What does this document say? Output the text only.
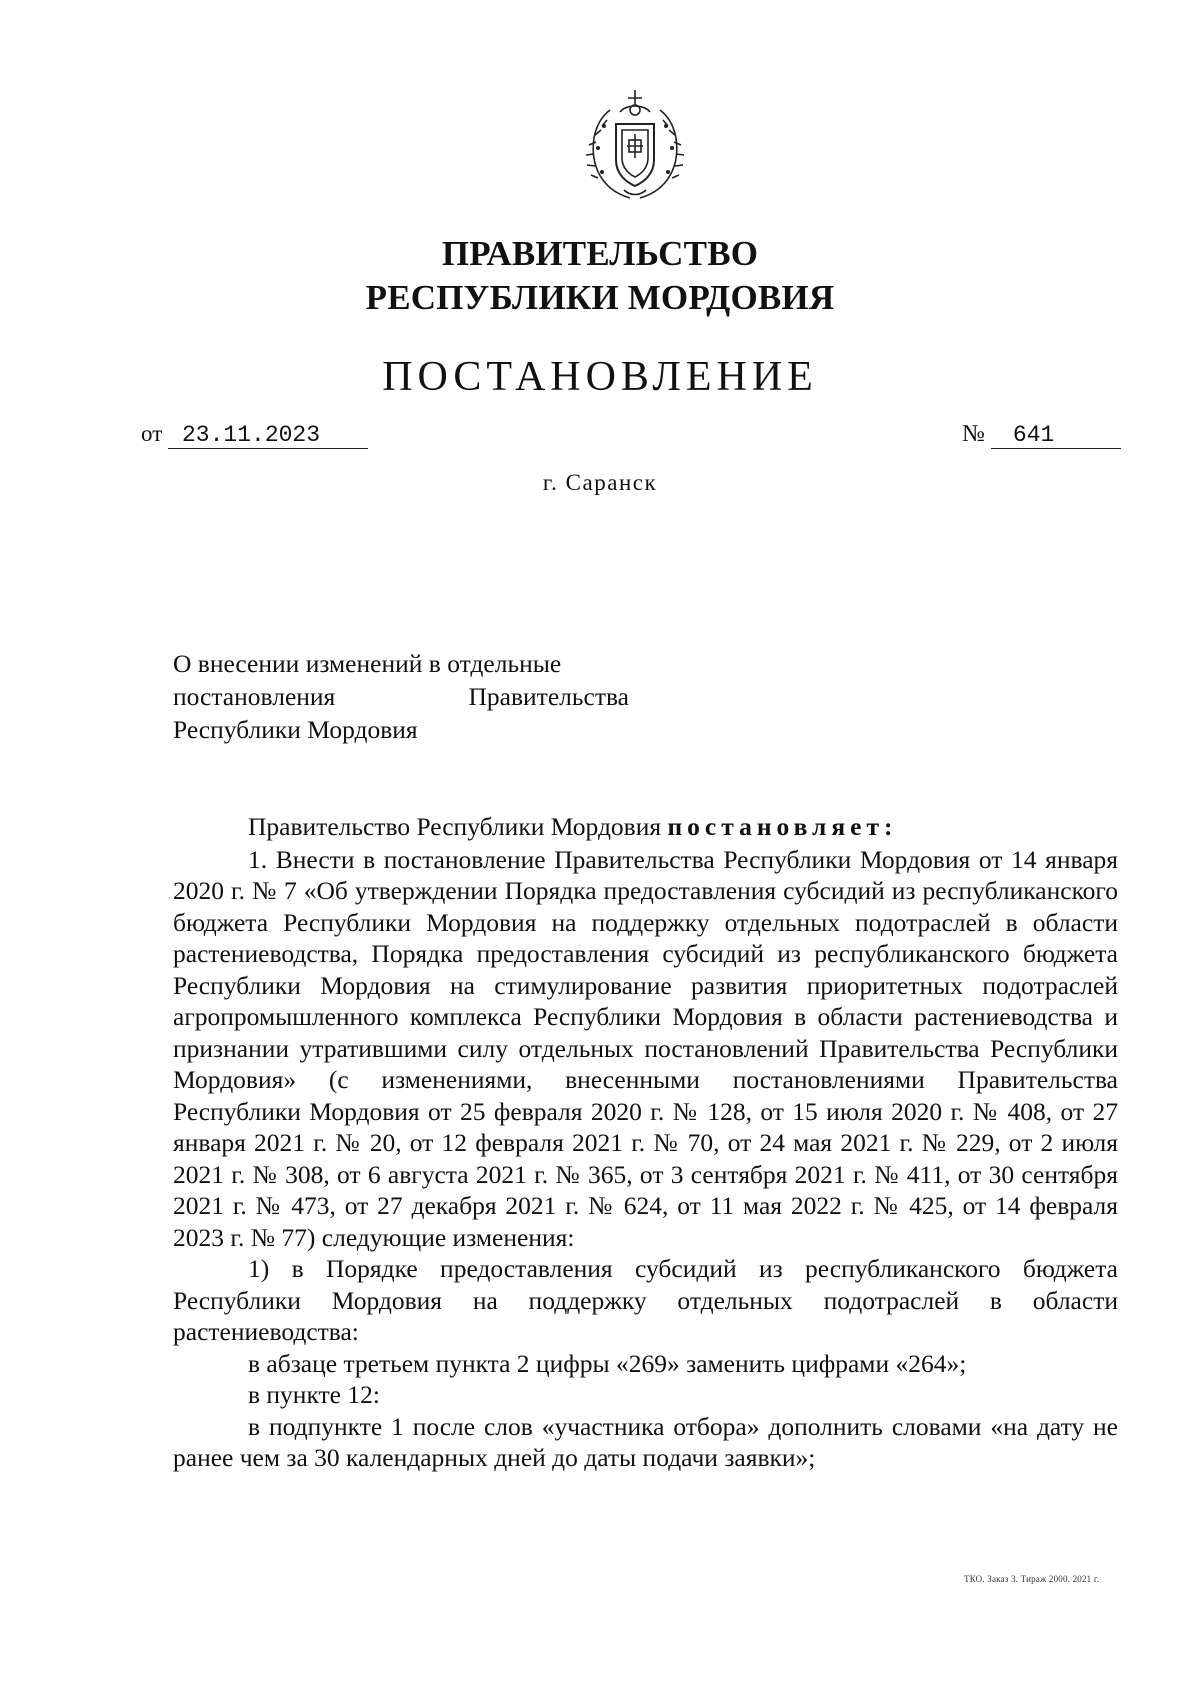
ПРАВИТЕЛЬСТВО
РЕСПУБЛИКИ МОРДОВИЯ
ПОСТАНОВЛЕНИЕ
от 23.11.2023	№ 641
г. Саранск
О внесении изменений в отдельные
постановления	Правительства
Республики Мордовия

Правительство Республики Мордовия постановляет:

1. Внести в постановление Правительства Республики Мордовия от 14 января 2020 г. № 7 «Об утверждении Порядка предоставления субсидий из республиканского бюджета Республики Мордовия на поддержку отдельных подотраслей в области растениеводства, Порядка предоставления субсидий из республиканского бюджета Республики Мордовия на стимулирование развития приоритетных подотраслей агропромышленного комплекса Республики Мордовия в области растениеводства и признании утратившими силу отдельных постановлений Правительства Республики Мордовия» (с изменениями, внесенными постановлениями Правительства Республики Мордовия от 25 февраля 2020 г. № 128, от 15 июля 2020 г. № 408, от 27 января 2021 г. № 20, от 12 февраля 2021 г. № 70, от 24 мая 2021 г. № 229, от 2 июля 2021 г. № 308, от 6 августа 2021 г. № 365, от 3 сентября 2021 г. № 411, от 30 сентября 2021 г. № 473, от 27 декабря 2021 г. № 624, от 11 мая 2022 г. № 425, от 14 февраля 2023 г. № 77) следующие изменения:

1) в Порядке предоставления субсидий из республиканского бюджета Республики Мордовия на поддержку отдельных подотраслей в области растениеводства:

в абзаце третьем пункта 2 цифры «269» заменить цифрами «264»;

в пункте 12:

в подпункте 1 после слов «участника отбора» дополнить словами «на дату не ранее чем за 30 календарных дней до даты подачи заявки»;

ТКО. Заказ 3. Тираж 2000. 2021 г.
